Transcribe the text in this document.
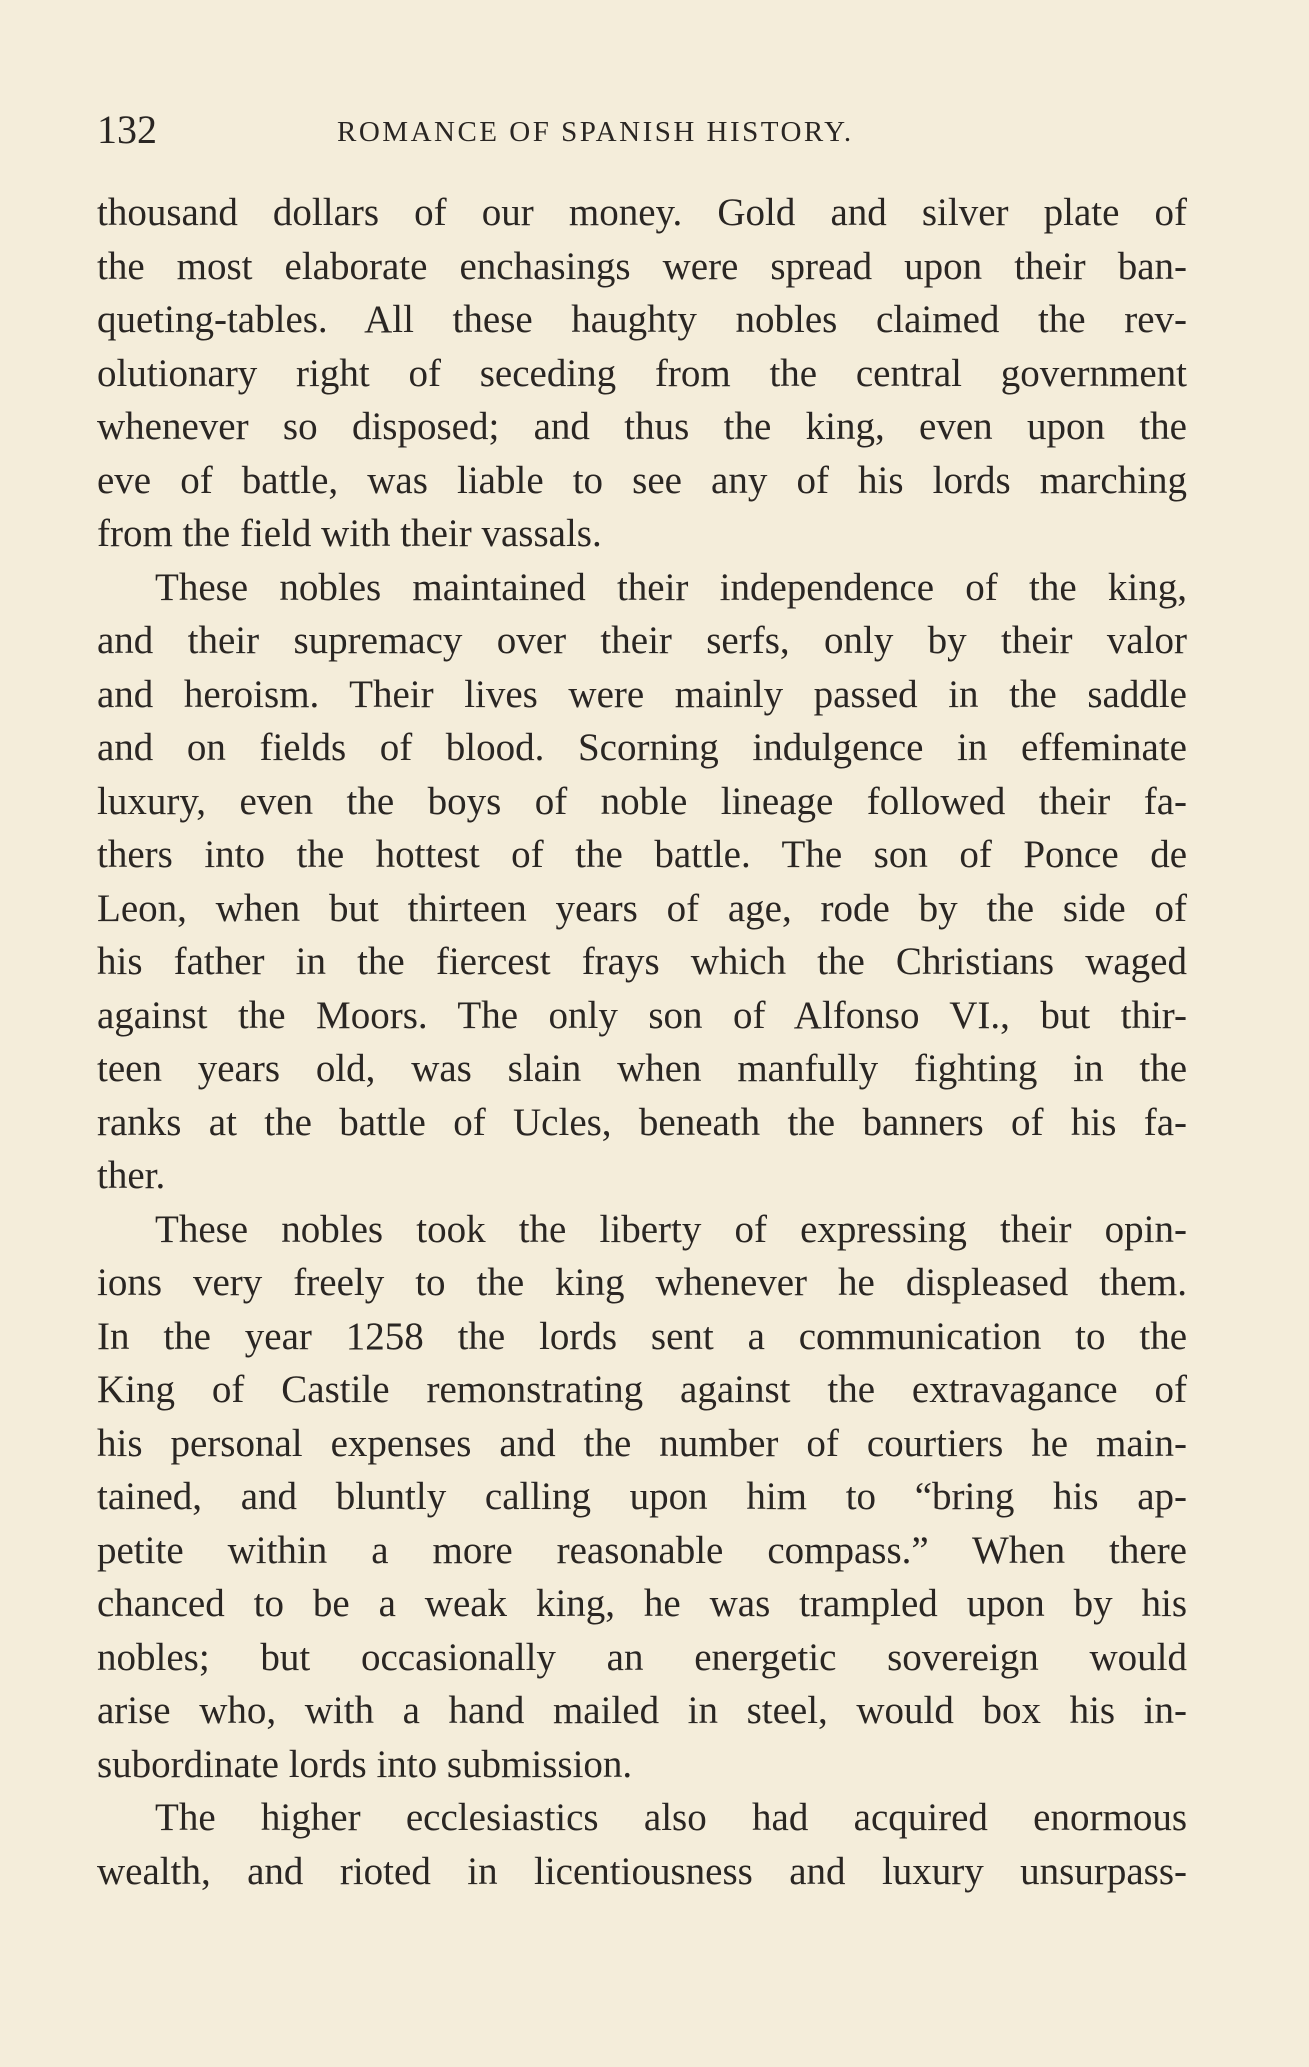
132	ROMANCE OF SPANISH HISTORY.
thousand dollars of our money. Gold and silver plate of
the most elaborate enchasings were spread upon their ban-
queting-tables. All these haughty nobles claimed the rev-
olutionary right of seceding from the central government
whenever so disposed; and thus the king, even upon the
eve of battle, was liable to see any of his lords marching
from the field with their vassals.
These nobles maintained their independence of the king,
and their supremacy over their serfs, only by their valor
and heroism. Their lives were mainly passed in the saddle
and on fields of blood. Scorning indulgence in effeminate
luxury, even the boys of noble lineage followed their fa-
thers into the hottest of the battle. The son of Ponce de
Leon, when but thirteen years of age, rode by the side of
his father in the fiercest frays which the Christians waged
against the Moors. The only son of Alfonso VI., but thir-
teen years old, was slain when manfully fighting in the
ranks at the battle of Ucles, beneath the banners of his fa-
ther.
These nobles took the liberty of expressing their opin-
ions very freely to the king whenever he displeased them.
In the year 1258 the lords sent a communication to the
King of Castile remonstrating against the extravagance of
his personal expenses and the number of courtiers he main-
tained, and bluntly calling upon him to “bring his ap-
petite within a more reasonable compass.” When there
chanced to be a weak king, he was trampled upon by his
nobles; but occasionally an energetic sovereign would
arise who, with a hand mailed in steel, would box his in-
subordinate lords into submission.
The higher ecclesiastics also had acquired enormous
wealth, and rioted in licentiousness and luxury unsurpass-
